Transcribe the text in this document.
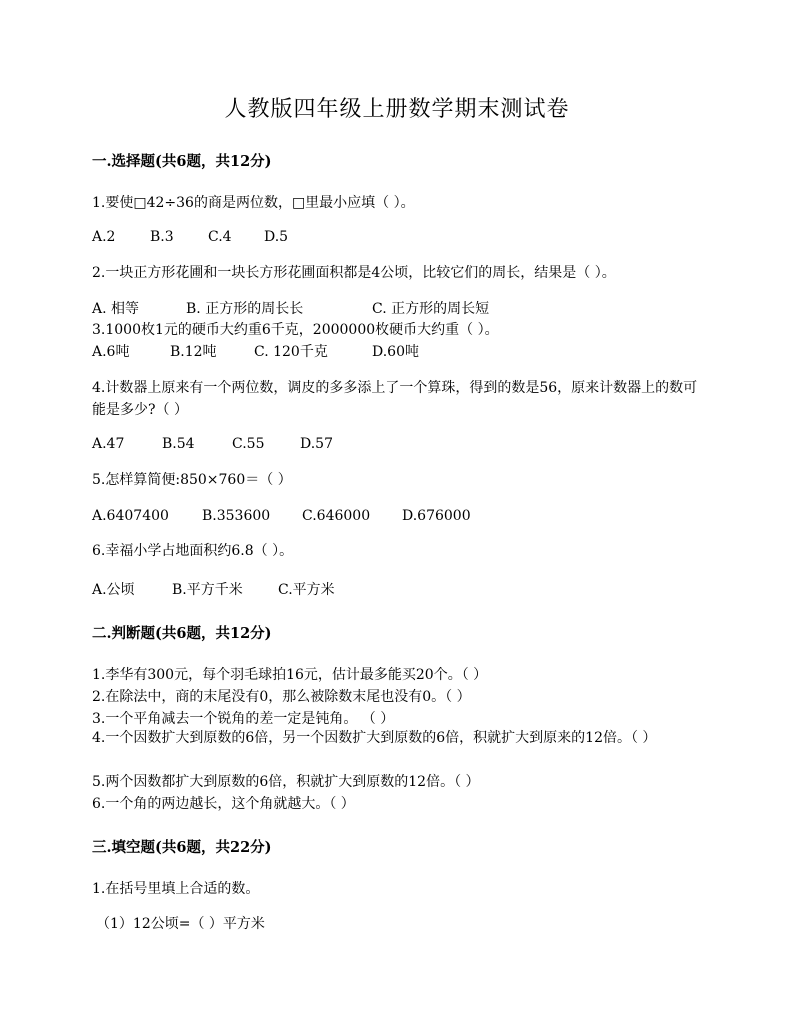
人教版四年级上册数学期末测试卷
一.选择题(共6题，共12分)
1.要使□42÷36的商是两位数，□里最小应填（ ）。
A.2 B.3 C.4 D.5
2.一块正方形花圃和一块长方形花圃面积都是4公顷，比较它们的周长，结果是（ ）。
A. 相等	B. 正方形的周长长	C. 正方形的周长短
3.1000枚1元的硬币大约重6千克，2000000枚硬币大约重（ ）。
A.6吨	B.12吨	C. 120千克	D.60吨
4.计数器上原来有一个两位数，调皮的多多添上了一个算珠，得到的数是56，原来计数器上的数可能是多少?（ ）
A.47	B.54	C.55	D.57
5.怎样算简便:850×760＝（ ）
A.6407400 B.353600 C.646000 D.676000
6.幸福小学占地面积约6.8（ ）。
A.公顷	B.平方千米	C.平方米
二.判断题(共6题，共12分)
1.李华有300元，每个羽毛球拍16元，估计最多能买20个。（ ）
2.在除法中，商的末尾没有0，那么被除数末尾也没有0。（ ）
3.一个平角减去一个锐角的差一定是钝角。 （ ）
4.一个因数扩大到原数的6倍，另一个因数扩大到原数的6倍，积就扩大到原来的12倍。（ ）
5.两个因数都扩大到原数的6倍，积就扩大到原数的12倍。（ ）
6.一个角的两边越长，这个角就越大。（ ）
三.填空题(共6题，共22分)
1.在括号里填上合适的数。
（1）12公顷=（ ）平方米
